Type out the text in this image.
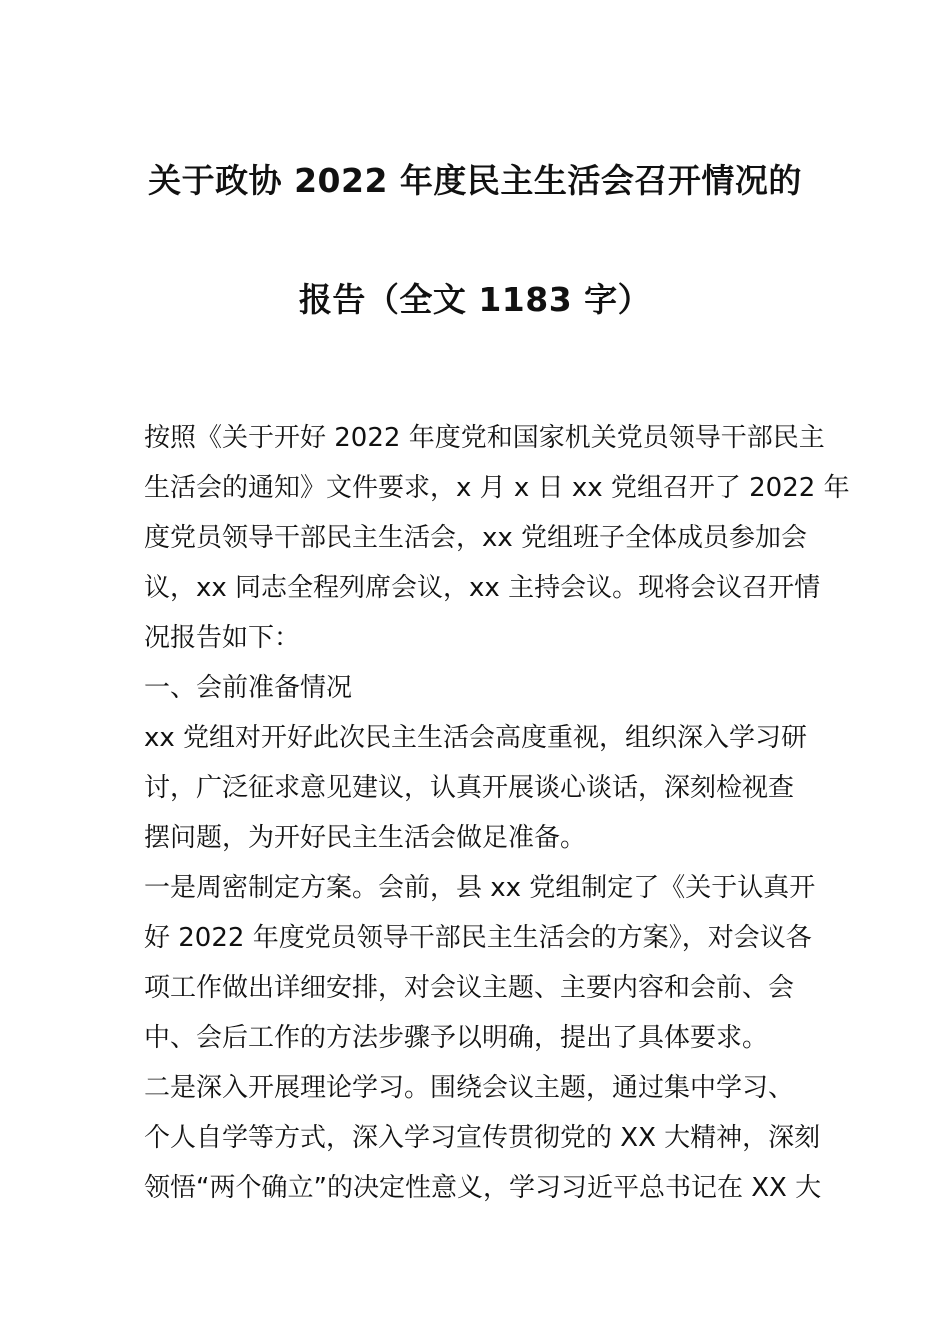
关于政协 2022 年度民主生活会召开情况的
报告（全文 1183 字）
按照《关于开好 2022 年度党和国家机关党员领导干部民主
生活会的通知》文件要求，x 月 x 日 xx 党组召开了 2022 年
度党员领导干部民主生活会，xx 党组班子全体成员参加会
议，xx 同志全程列席会议，xx 主持会议。现将会议召开情
况报告如下：
一、会前准备情况
xx 党组对开好此次民主生活会高度重视，组织深入学习研
讨，广泛征求意见建议，认真开展谈心谈话，深刻检视查
摆问题，为开好民主生活会做足准备。
一是周密制定方案。会前，县 xx 党组制定了《关于认真开
好 2022 年度党员领导干部民主生活会的方案》，对会议各
项工作做出详细安排，对会议主题、主要内容和会前、会
中、会后工作的方法步骤予以明确，提出了具体要求。
二是深入开展理论学习。围绕会议主题，通过集中学习、
个人自学等方式，深入学习宣传贯彻党的 XX 大精神，深刻
领悟“两个确立”的决定性意义，学习习近平总书记在 XX 大
